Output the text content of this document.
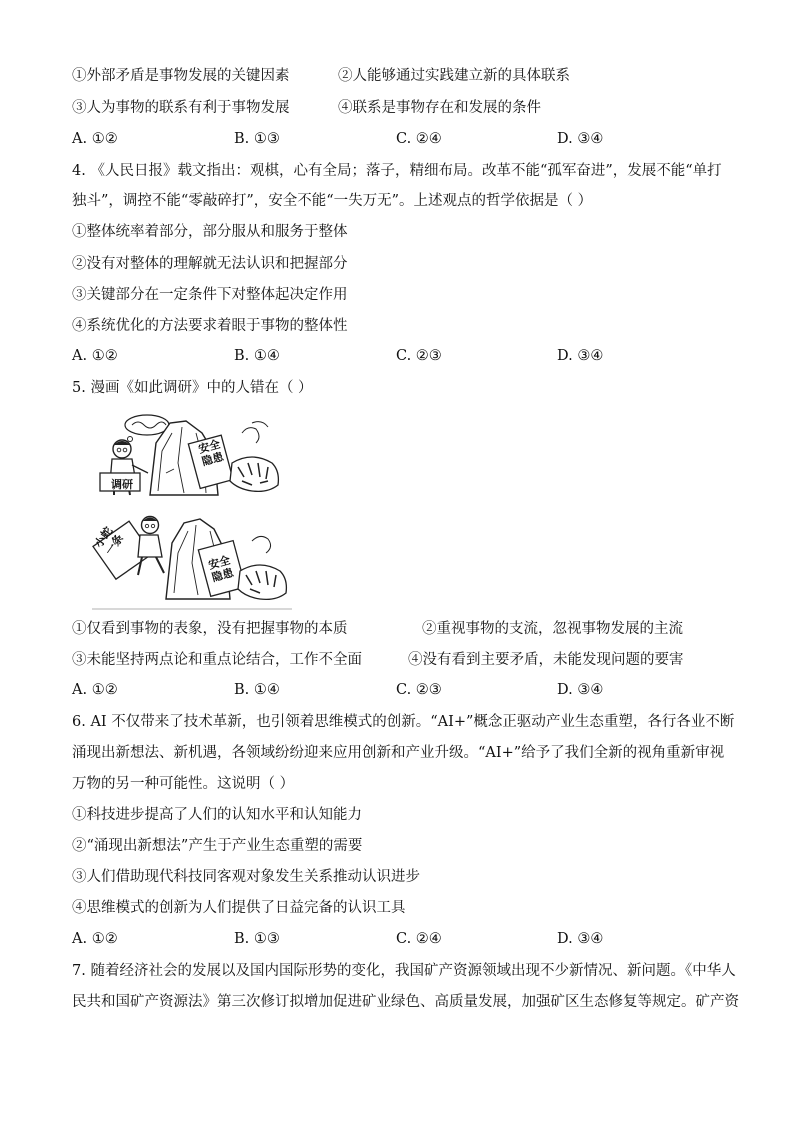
①外部矛盾是事物发展的关键因素	②人能够通过实践建立新的具体联系
③人为事物的联系有利于事物发展	④联系是事物存在和发展的条件
A. ①②	B. ①③	C. ②④	D. ③④
4. 《人民日报》载文指出：观棋，心有全局；落子，精细布局。改革不能“孤军奋进”，发展不能“单打
独斗”，调控不能“零敲碎打”，安全不能“一失万无”。上述观点的哲学依据是（ ）
①整体统率着部分，部分服从和服务于整体
②没有对整体的理解就无法认识和把握部分
③关键部分在一定条件下对整体起决定作用
④系统优化的方法要求着眼于事物的整体性
A. ①②	B. ①④	C. ②③	D. ③④
5. 漫画《如此调研》中的人错在（ ）
调研
安全隐患
小蛇一条
安全隐患
①仅看到事物的表象，没有把握事物的本质	②重视事物的支流，忽视事物发展的主流
③未能坚持两点论和重点论结合，工作不全面	④没有看到主要矛盾，未能发现问题的要害
A. ①②	B. ①④	C. ②③	D. ③④
6. AI 不仅带来了技术革新，也引领着思维模式的创新。“AI+”概念正驱动产业生态重塑，各行各业不断
涌现出新想法、新机遇，各领域纷纷迎来应用创新和产业升级。“AI+”给予了我们全新的视角重新审视
万物的另一种可能性。这说明（ ）
①科技进步提高了人们的认知水平和认知能力
②“涌现出新想法”产生于产业生态重塑的需要
③人们借助现代科技同客观对象发生关系推动认识进步
④思维模式的创新为人们提供了日益完备的认识工具
A. ①②	B. ①③	C. ②④	D. ③④
7. 随着经济社会的发展以及国内国际形势的变化，我国矿产资源领域出现不少新情况、新问题。《中华人
民共和国矿产资源法》第三次修订拟增加促进矿业绿色、高质量发展，加强矿区生态修复等规定。矿产资
